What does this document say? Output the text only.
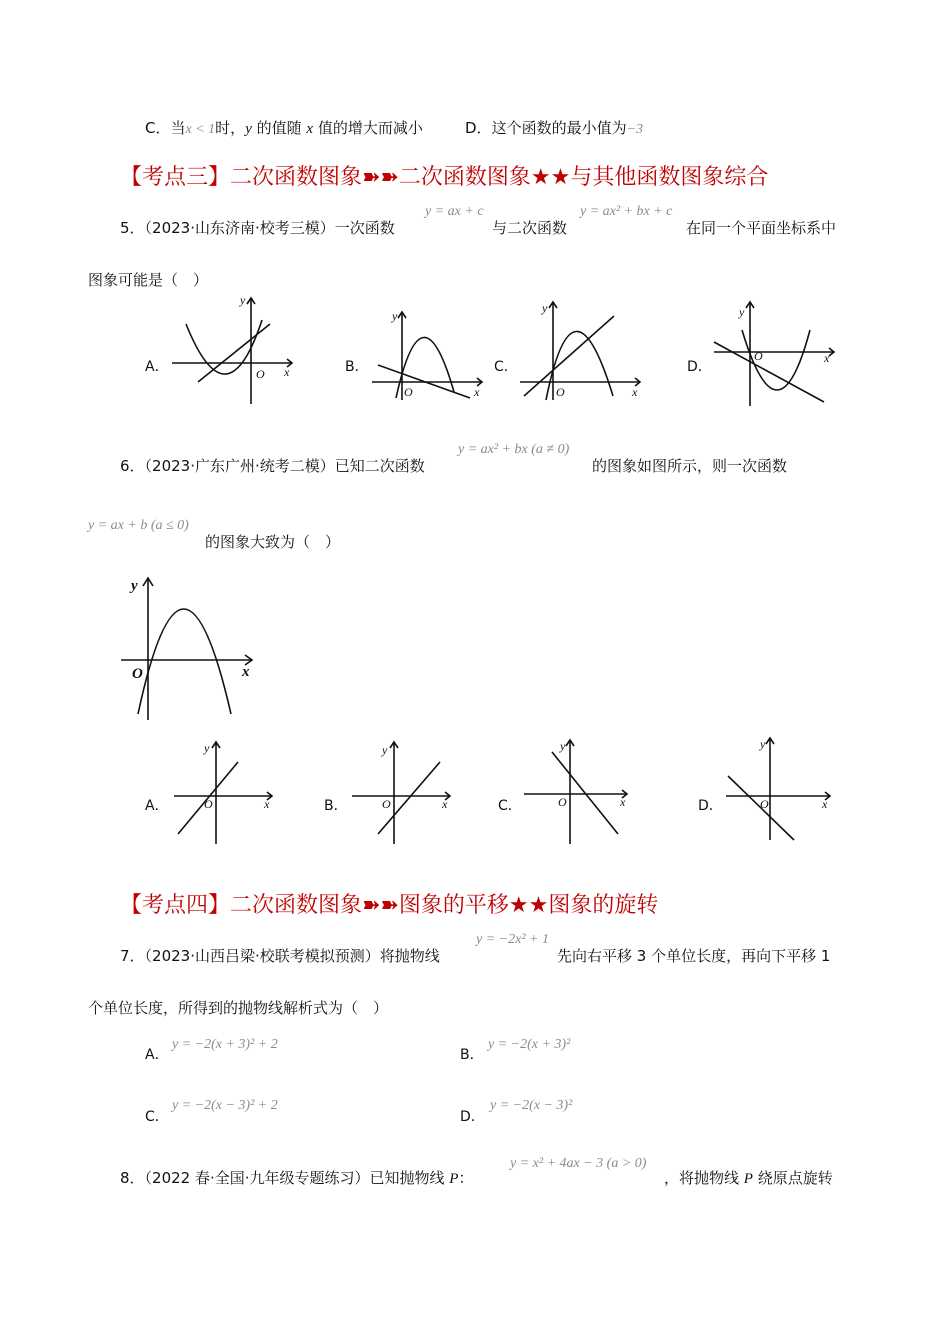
C．当x < 1时，y 的值随 x 值的增大而减小	D．这个函数的最小值为−3
【考点三】二次函数图象➽➽二次函数图象★★与其他函数图象综合
5．（2023·山东济南·校考三模）一次函数
y = ax + c
与二次函数
y = ax² + bx + c
在同一个平面坐标系中
图象可能是（　）
A．	B．	C．	D．
y
x
O
y
x
O
y
x
O
y
x
O
6．（2023·广东广州·统考二模）已知二次函数
y = ax² + bx (a ≠ 0)
的图象如图所示，则一次函数
y = ax + b (a ≤ 0)
的图象大致为（　）
y
x
O
A．	B．	C．	D．
y
x
O
y
x
O
y
x
O
y
x
O
【考点四】二次函数图象➽➽图象的平移★★图象的旋转
7．（2023·山西吕梁·校联考模拟预测）将抛物线
y = −2x² + 1
先向右平移 3 个单位长度，再向下平移 1
个单位长度，所得到的抛物线解析式为（　）
A．
y = −2(x + 3)² + 2
B．
y = −2(x + 3)²
C．
y = −2(x − 3)² + 2
D．
y = −2(x − 3)²
8．（2022 春·全国·九年级专题练习）已知抛物线 P：
y = x² + 4ax − 3 (a > 0)
，将抛物线 P 绕原点旋转
